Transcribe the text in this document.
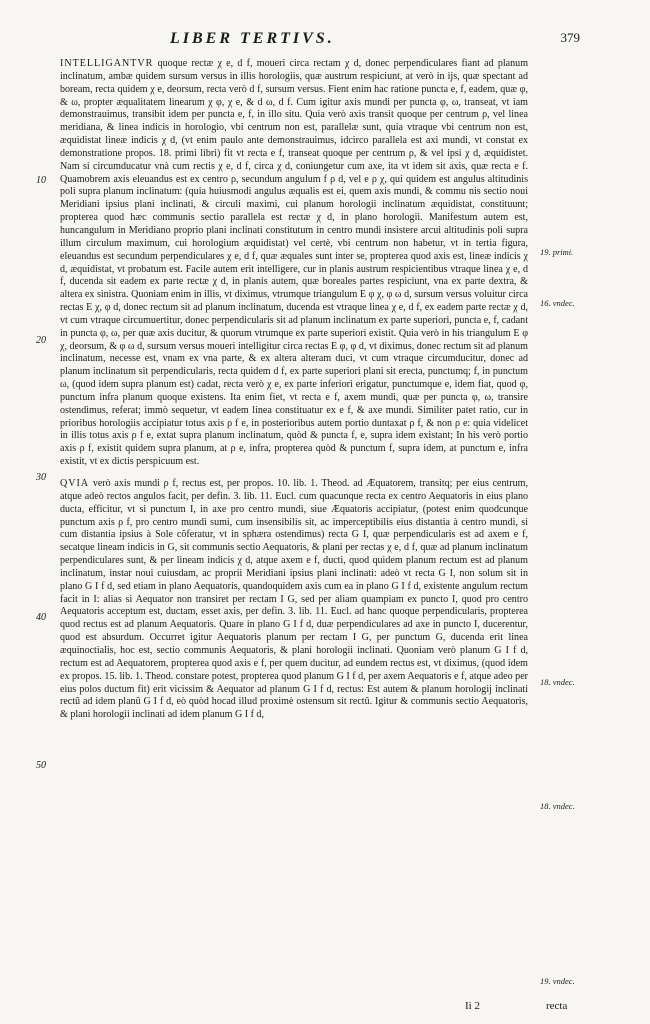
LIBER TERTIVS.	379

INTELLIGANTVR quoque rectæ χ e, d f, moueri circa rectam χ d, donec perpendiculares fiant ad planum inclinatum, ambæ quidem sursum versus in illis horologiis, quæ austrum respiciunt, at verò in ijs, quæ spectant ad boream, recta quidem χ e, deorsum, recta verò d f, sursum versus. Fient enim hac ratione puncta e, f, eadem, quæ φ, & ω, propter æqualitatem linearum χ φ, χ e, & d ω, d f. Cum igitur axis mundi per puncta φ, ω, transeat, vt iam demonstrauimus, transibit idem per puncta e, f, in illo situ. Quia verò axis transit quoque per centrum ρ, vel linea meridiana, & linea indicis in horologio, vbi centrum non est, parallelæ sunt, quia vtraque vbi centrum non est, æquidistat lineæ indicis χ d, (vt enim paulo ante demonstrauimus, idcirco parallela est axi mundi, vt constat ex demonstratione propos. 18. primi libri) fit vt recta e f, transeat quoque per centrum ρ, & vel ipsi χ d, æquidistet. Nam si circumducatur vnà cum rectis χ e, d f, circa χ d, coniungetur cum axe, ita vt idem sit axis, quæ recta e f. Quamobrem axis eleuandus est ex centro ρ, secundum angulum f ρ d, vel e ρ χ, qui quidem est angulus altitudinis poli supra planum inclinatum: (quia huiusmodi angulus æqualis est ei, quem axis mundi, & commu nis sectio noui Meridiani ipsius plani inclinati, & circuli maximi, cui planum horologii inclinatum æquidistat, constituunt; propterea quod hæc communis sectio parallela est rectæ χ d, in plano horologii. Manifestum autem est, huncangulum in Meridiano proprio plani inclinati constitutum in centro mundi insistere arcui altitudinis poli supra illum circulum maximum, cui horologium æquidistat) vel certè, vbi centrum non habetur, vt in tertia figura, eleuandus est secundum perpendiculares χ e, d f, quæ æquales sunt inter se, propterea quod axis est, lineæ indicis χ d, æquidistat, vt probatum est. Facile autem erit intelligere, cur in planis austrum respicientibus vtraque linea χ e, d f, ducenda sit eadem ex parte rectæ χ d, in planis autem, quæ boreales partes respiciunt, vna ex parte dextra, & altera ex sinistra. Quoniam enim in illis, vt diximus, vtrumque triangulum E φ χ, φ ω d, sursum versus voluitur circa rectas E χ, φ d, donec rectum sit ad planum inclinatum, ducenda est vtraque linea χ e, d f, ex eadem parte rectæ χ d, vt cum vtraque circumuertitur, donec perpendicularis sit ad planum inclinatum ex parte superiori, puncta e, f, cadant in puncta φ, ω, per quæ axis ducitur, & quorum vtrumque ex parte superiori existit. Quia verò in his triangulum E φ χ, deorsum, & φ ω d, sursum versus moueri intelligitur circa rectas E φ, φ d, vt diximus, donec rectum sit ad planum inclinatum, necesse est, vnam ex vna parte, & ex altera alteram duci, vt cum vtraque circumducitur, donec ad planum inclinatum sit perpendicularis, recta quidem d f, ex parte superiori plani sit erecta, punctumq; f, in punctum ω, (quod idem supra planum est) cadat, recta verò χ e, ex parte inferiori erigatur, punctumque e, idem fiat, quod φ, punctum infra planum quoque existens. Ita enim fiet, vt recta e f, axem mundi, quæ per puncta φ, ω, transire ostendimus, referat; immò sequetur, vt eadem linea constituatur ex e f, & axe mundi. Similiter patet ratio, cur in prioribus horologiis accipiatur totus axis ρ f e, in posterioribus autem portio duntaxat ρ f, & non ρ e: quia videlicet in illis totus axis ρ f e, extat supra planum inclinatum, quòd & puncta f, e, supra idem existant; In his verò portio axis ρ f, existit quidem supra planum, at ρ e, infra, propterea quòd & punctum f, supra idem, at punctum e, infra existit, vt ex dictis perspicuum est.

QVIA verò axis mundi ρ f, rectus est, per propos. 10. lib. 1. Theod. ad Æquatorem, transitq; per eius centrum, atque adeò rectos angulos facit, per defin. 3. lib. 11. Eucl. cum quacunque recta ex centro Aequatoris in eius plano ducta, efficitur, vt si punctum I, in axe pro centro mundi, siue Æquatoris accipiatur, (potest enim quodcunque punctum axis ρ f, pro centro mundi sumi, cum insensibilis sit, ac imperceptibilis eius distantia à centro mundi, si cum distantia ipsius à Sole cõferatur, vt in sphæra ostendimus) recta G I, quæ perpendicularis est ad axem e f, secatque lineam indicis in G, sit communis sectio Aequatoris, & plani per rectas χ e, d f, quæ ad planum inclinatum perpendiculares sunt, & per lineam indicis χ d, atque axem e f, ducti, quod quidem planum rectum est ad planum inclinatum, instar noui cuiusdam, ac proprii Meridiani ipsius plani inclinati: adeò vt recta G I, non solum sit in plano G I f d, sed etiam in plano Aequatoris, quandoquidem axis cum ea in plano G I f d, existente angulum rectum facit in I: alias si Aequator non transiret per rectam I G, sed per aliam quampiam ex puncto I, quod pro centro Aequatoris acceptum est, ductam, esset axis, per defin. 3. lib. 11. Eucl. ad hanc quoque perpendicularis, propterea quod rectus est ad planum Aequatoris. Quare in plano G I f d, duæ perpendiculares ad axe in puncto I, ducerentur, quod est absurdum. Occurret igitur Aequatoris planum per rectam I G, per punctum G, ducenda erit linea æquinoctialis, hoc est, sectio communis Aequatoris, & plani horologii inclinati. Quoniam verò planum G I f d, rectum est ad Aequatorem, propterea quod axis e f, per quem ducitur, ad eundem rectus est, vt diximus, (quod idem ex propos. 15. lib. 1. Theod. constare potest, propterea quod planum G I f d, per axem Aequatoris e f, atque adeo per eius polos ductum fit) erit vicissim & Aequator ad planum G I f d, rectus: Est autem & planum horologij inclinati rectũ ad idem planũ G I f d, eò quòd hocad illud proximè ostensum sit rectũ. Igitur & communis sectio Aequatoris, & plani horologii inclinati ad idem planum G I f d,

10
20
30
40
50
19. primi.
16. vndec.
18. vndec.
18. vndec.
19. vndec.
Ii 2	recta
